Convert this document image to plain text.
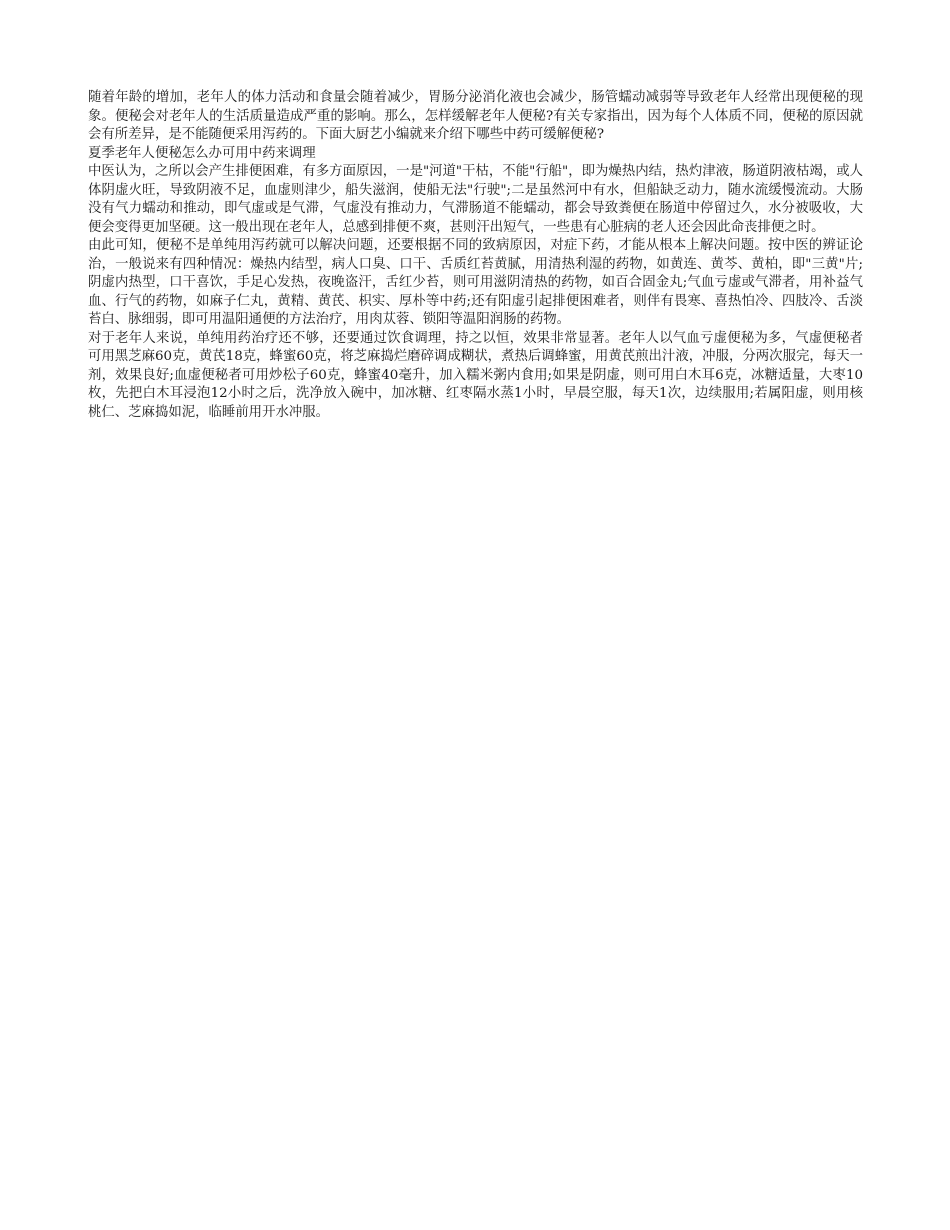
随着年龄的增加，老年人的体力活动和食量会随着减少，胃肠分泌消化液也会减少，肠管蠕动减弱等导致老年人经常出现便秘的现象。便秘会对老年人的生活质量造成严重的影响。那么，怎样缓解老年人便秘?有关专家指出，因为每个人体质不同，便秘的原因就会有所差异，是不能随便采用泻药的。下面大厨艺小编就来介绍下哪些中药可缓解便秘?

夏季老年人便秘怎么办可用中药来调理

中医认为，之所以会产生排便困难，有多方面原因，一是"河道"干枯，不能"行船"，即为燥热内结，热灼津液，肠道阴液枯竭，或人体阴虚火旺，导致阴液不足，血虚则津少，船失滋润，使船无法"行驶";二是虽然河中有水，但船缺乏动力，随水流缓慢流动。大肠没有气力蠕动和推动，即气虚或是气滞，气虚没有推动力，气滞肠道不能蠕动，都会导致粪便在肠道中停留过久，水分被吸收，大便会变得更加坚硬。这一般出现在老年人，总感到排便不爽，甚则汗出短气，一些患有心脏病的老人还会因此命丧排便之时。

由此可知，便秘不是单纯用泻药就可以解决问题，还要根据不同的致病原因，对症下药，才能从根本上解决问题。按中医的辨证论治，一般说来有四种情况：燥热内结型，病人口臭、口干、舌质红苔黄腻，用清热利湿的药物，如黄连、黄芩、黄柏，即"三黄"片;阴虚内热型，口干喜饮，手足心发热，夜晚盗汗，舌红少苔，则可用滋阴清热的药物，如百合固金丸;气血亏虚或气滞者，用补益气血、行气的药物，如麻子仁丸，黄精、黄芪、枳实、厚朴等中药;还有阳虚引起排便困难者，则伴有畏寒、喜热怕冷、四肢冷、舌淡苔白、脉细弱，即可用温阳通便的方法治疗，用肉苁蓉、锁阳等温阳润肠的药物。

对于老年人来说，单纯用药治疗还不够，还要通过饮食调理，持之以恒，效果非常显著。老年人以气血亏虚便秘为多，气虚便秘者可用黑芝麻60克，黄芪18克，蜂蜜60克，将芝麻捣烂磨碎调成糊状，煮热后调蜂蜜，用黄芪煎出汁液，冲服，分两次服完，每天一剂，效果良好;血虚便秘者可用炒松子60克，蜂蜜40毫升，加入糯米粥内食用;如果是阴虚，则可用白木耳6克，冰糖适量，大枣10枚，先把白木耳浸泡12小时之后，洗净放入碗中，加冰糖、红枣隔水蒸1小时，早晨空服，每天1次，边续服用;若属阳虚，则用核桃仁、芝麻捣如泥，临睡前用开水冲服。
